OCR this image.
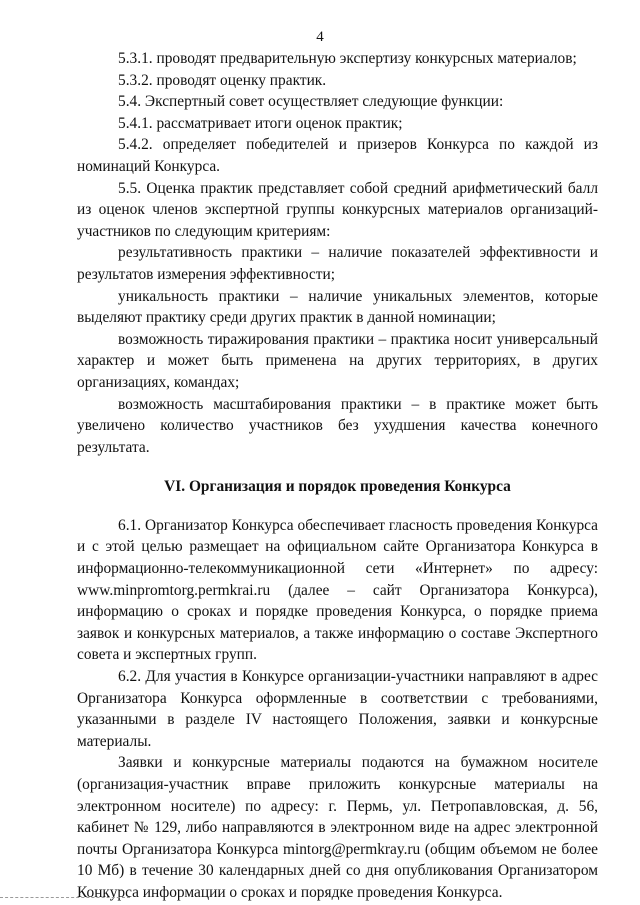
4

5.3.1. проводят предварительную экспертизу конкурсных материалов;

5.3.2. проводят оценку практик.

5.4. Экспертный совет осуществляет следующие функции:

5.4.1. рассматривает итоги оценок практик;

5.4.2. определяет победителей и призеров Конкурса по каждой из номинаций Конкурса.

5.5. Оценка практик представляет собой средний арифметический балл из оценок членов экспертной группы конкурсных материалов организаций-участников по следующим критериям:

результативность практики – наличие показателей эффективности и результатов измерения эффективности;

уникальность практики – наличие уникальных элементов, которые выделяют практику среди других практик в данной номинации;

возможность тиражирования практики – практика носит универсальный характер и может быть применена на других территориях, в других организациях, командах;

возможность масштабирования практики – в практике может быть увеличено количество участников без ухудшения качества конечного результата.

VI. Организация и порядок проведения Конкурса

6.1. Организатор Конкурса обеспечивает гласность проведения Конкурса и с этой целью размещает на официальном сайте Организатора Конкурса в информационно-телекоммуникационной сети «Интернет» по адресу: www.minpromtorg.permkrai.ru (далее – сайт Организатора Конкурса), информацию о сроках и порядке проведения Конкурса, о порядке приема заявок и конкурсных материалов, а также информацию о составе Экспертного совета и экспертных групп.

6.2. Для участия в Конкурсе организации-участники направляют в адрес Организатора Конкурса оформленные в соответствии с требованиями, указанными в разделе IV настоящего Положения, заявки и конкурсные материалы.

Заявки и конкурсные материалы подаются на бумажном носителе (организация-участник вправе приложить конкурсные материалы на электронном носителе) по адресу: г. Пермь, ул. Петропавловская, д. 56, кабинет № 129, либо направляются в электронном виде на адрес электронной почты Организатора Конкурса mintorg@permkray.ru (общим объемом не более 10 Мб) в течение 30 календарных дней со дня опубликования Организатором Конкурса информации о сроках и порядке проведения Конкурса.
